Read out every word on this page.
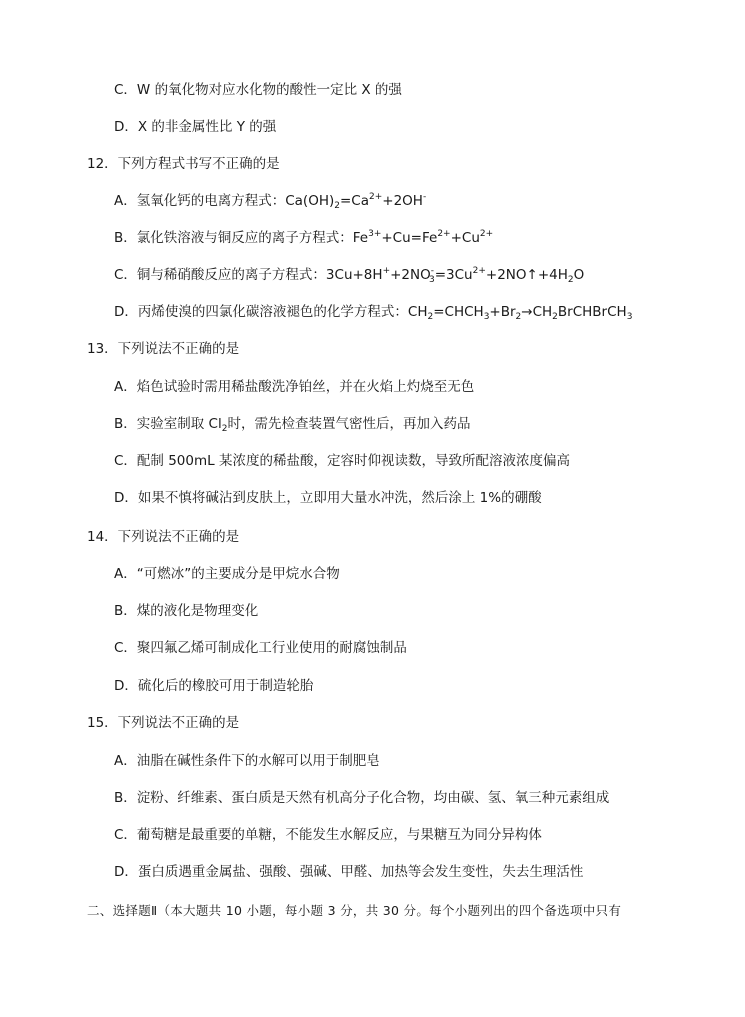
C．W 的氧化物对应水化物的酸性一定比 X 的强
D．X 的非金属性比 Y 的强
12．下列方程式书写不正确的是
A．氢氧化钙的电离方程式：$Ca(OH)_2=Ca^{2+}+2OH^-$
B．氯化铁溶液与铜反应的离子方程式：$Fe^{3+}+Cu=Fe^{2+}+Cu^{2+}$
C．铜与稀硝酸反应的离子方程式：$3Cu+8H^++2NO^-_3=3Cu^{2+}+2NO↑+4H_2O$
D．丙烯使溴的四氯化碳溶液褪色的化学方程式：$CH_2=CHCH_3+Br_2\to CH_2BrCHBrCH_3$
13．下列说法不正确的是
A．焰色试验时需用稀盐酸洗净铂丝，并在火焰上灼烧至无色
B．实验室制取 $Cl_2$时，需先检查装置气密性后，再加入药品
C．配制 500mL 某浓度的稀盐酸，定容时仰视读数，导致所配溶液浓度偏高
D．如果不慎将碱沾到皮肤上，立即用大量水冲洗，然后涂上 1%的硼酸
14．下列说法不正确的是
A．“可燃冰”的主要成分是甲烷水合物
B．煤的液化是物理变化
C．聚四氟乙烯可制成化工行业使用的耐腐蚀制品
D．硫化后的橡胶可用于制造轮胎
15．下列说法不正确的是
A．油脂在碱性条件下的水解可以用于制肥皂
B．淀粉、纤维素、蛋白质是天然有机高分子化合物，均由碳、氢、氧三种元素组成
C．葡萄糖是最重要的单糖，不能发生水解反应，与果糖互为同分异构体
D．蛋白质遇重金属盐、强酸、强碱、甲醛、加热等会发生变性，失去生理活性
二、选择题Ⅱ（本大题共 10 小题，每小题 3 分，共 30 分。每个小题列出的四个备选项中只有
